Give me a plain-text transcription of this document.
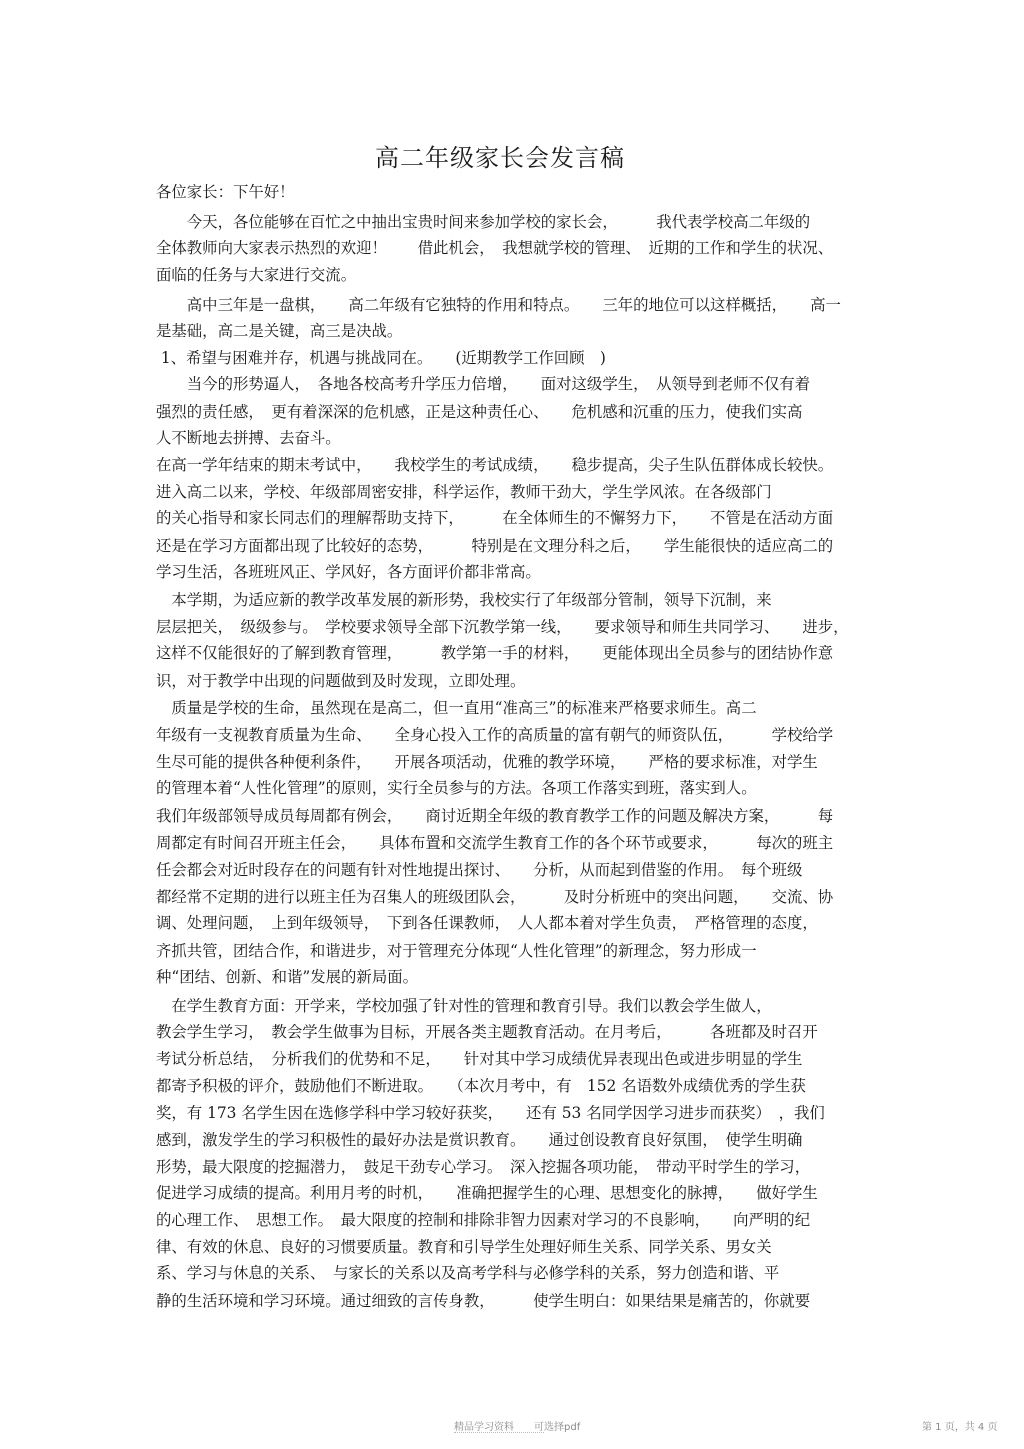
高二年级家长会发言稿
各位家长：下午好！
　　今天，各位能够在百忙之中抽出宝贵时间来参加学校的家长会，　　　我代表学校高二年级的
全体教师向大家表示热烈的欢迎！　　借此机会，　我想就学校的管理、　近期的工作和学生的状况、
面临的任务与大家进行交流。
　　高中三年是一盘棋，　　高二年级有它独特的作用和特点。　　三年的地位可以这样概括，　　高一
是基础，高二是关键，高三是决战。
1、希望与困难并存，机遇与挑战同在。　　(近期教学工作回顾　)
　　当今的形势逼人，　各地各校高考升学压力倍增，　　面对这级学生，　从领导到老师不仅有着
强烈的责任感，　更有着深深的危机感，正是这种责任心、　　危机感和沉重的压力，使我们实高
人不断地去拼搏、去奋斗。
在高一学年结束的期末考试中，　　我校学生的考试成绩，　　稳步提高，尖子生队伍群体成长较快。
进入高二以来，学校、年级部周密安排，科学运作，教师干劲大，学生学风浓。在各级部门
的关心指导和家长同志们的理解帮助支持下，　　　在全体师生的不懈努力下，　　不管是在活动方面
还是在学习方面都出现了比较好的态势，　　　特别是在文理分科之后，　　学生能很快的适应高二的
学习生活，各班班风正、学风好，各方面评价都非常高。
　本学期，为适应新的教学改革发展的新形势，我校实行了年级部分管制，领导下沉制，来
层层把关，　级级参与。　学校要求领导全部下沉教学第一线，　　要求领导和师生共同学习、　　进步，
这样不仅能很好的了解到教育管理，　　　教学第一手的材料，　　更能体现出全员参与的团结协作意
识，对于教学中出现的问题做到及时发现，立即处理。
　质量是学校的生命，虽然现在是高二，但一直用“准高三”的标准来严格要求师生。高二
年级有一支视教育质量为生命、　　全身心投入工作的高质量的富有朝气的师资队伍，　　　学校给学
生尽可能的提供各种便利条件，　　开展各项活动，优雅的教学环境，　　严格的要求标准，对学生
的管理本着“人性化管理”的原则，实行全员参与的方法。各项工作落实到班，落实到人。
我们年级部领导成员每周都有例会，　　商讨近期全年级的教育教学工作的问题及解决方案，　　　每
周都定有时间召开班主任会，　　具体布置和交流学生教育工作的各个环节或要求，　　　每次的班主
任会都会对近时段存在的问题有针对性地提出探讨、　　分析，从而起到借鉴的作用。　每个班级
都经常不定期的进行以班主任为召集人的班级团队会，　　　及时分析班中的突出问题，　　交流、协
调、处理问题，　上到年级领导，　下到各任课教师，　人人都本着对学生负责，　严格管理的态度，
齐抓共管，团结合作，和谐进步，对于管理充分体现“人性化管理”的新理念，努力形成一
种“团结、创新、和谐”发展的新局面。
　在学生教育方面：开学来，学校加强了针对性的管理和教育引导。我们以教会学生做人，
教会学生学习，　教会学生做事为目标，开展各类主题教育活动。在月考后，　　　各班都及时召开
考试分析总结，　分析我们的优势和不足，　　针对其中学习成绩优异表现出色或进步明显的学生
都寄予积极的评介，鼓励他们不断进取。　　（本次月考中，有　152 名语数外成绩优秀的学生获
奖，有 173 名学生因在选修学科中学习较好获奖，　　还有 53 名同学因学习进步而获奖）　，我们
感到，激发学生的学习积极性的最好办法是赏识教育。　　通过创设教育良好氛围，　使学生明确
形势，最大限度的挖掘潜力，　鼓足干劲专心学习。　深入挖掘各项功能，　带动平时学生的学习，
促进学习成绩的提高。利用月考的时机，　　准确把握学生的心理、思想变化的脉搏，　　做好学生
的心理工作、　思想工作。　最大限度的控制和排除非智力因素对学习的不良影响，　　向严明的纪
律、有效的休息、良好的习惯要质量。教育和引导学生处理好师生关系、同学关系、男女关
系、学习与休息的关系、　与家长的关系以及高考学科与必修学科的关系，努力创造和谐、平
静的生活环境和学习环境。通过细致的言传身教，　　　使学生明白：如果结果是痛苦的，你就要
精品学习资料　　可选择pdf	第 1 页，共 4 页
